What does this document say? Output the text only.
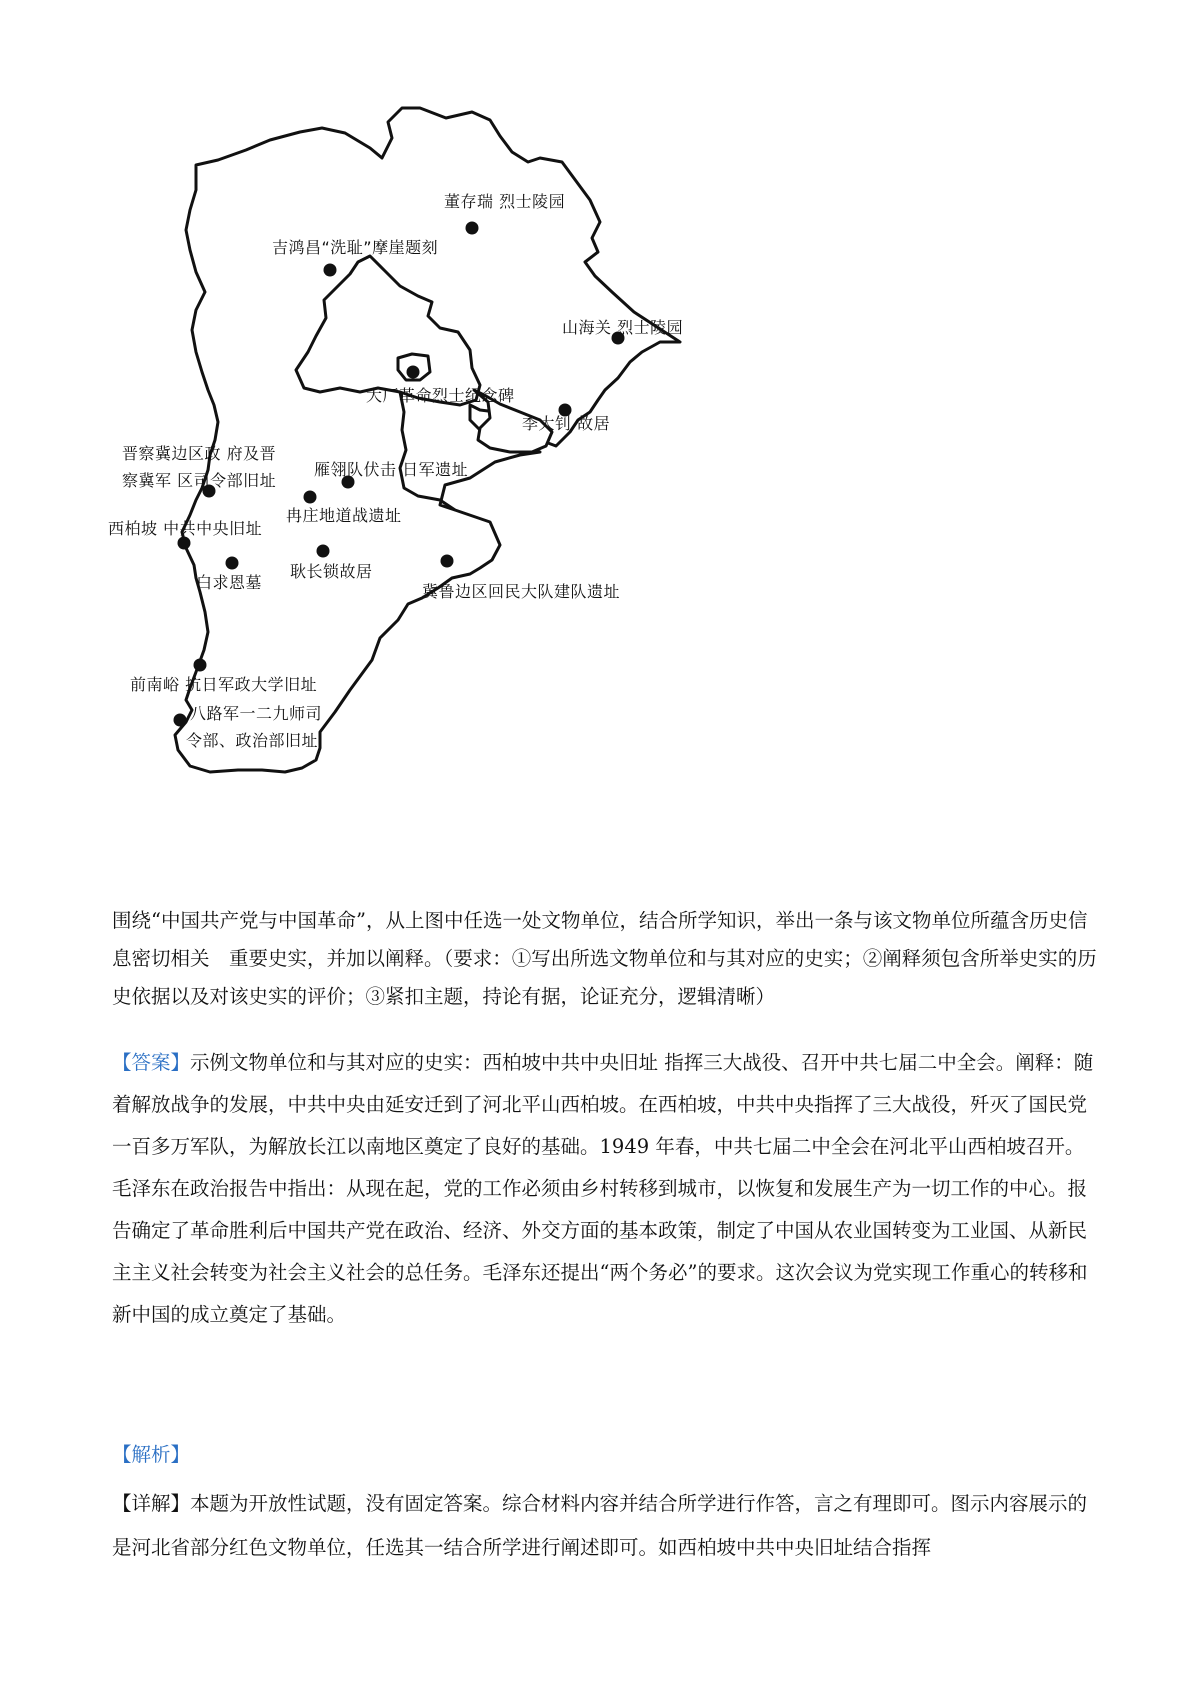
董存瑞 烈士陵园
吉鸿昌“洗耻”摩崖题刻
山海关 烈士陵园
大厂革命烈士纪念碑
李大钊 故居
晋察冀边区政 府及晋
察冀军 区司令部旧址
雁翎队伏击 日军遗址
冉庄地道战遗址
西柏坡 中共中央旧址
白求恩墓
耿长锁故居
冀鲁边区回民大队建队遗址
前南峪 抗日军政大学旧址
八路军一二九师司
令部、政治部旧址

围绕“中国共产党与中国革命”，从上图中任选一处文物单位，结合所学知识，举出一条与该文物单位所蕴含历史信息密切相关　重要史实，并加以阐释。（要求：①写出所选文物单位和与其对应的史实；②阐释须包含所举史实的历史依据以及对该史实的评价；③紧扣主题，持论有据，论证充分，逻辑清晰）

【答案】示例文物单位和与其对应的史实：西柏坡中共中央旧址 指挥三大战役、召开中共七届二中全会。阐释：随着解放战争的发展，中共中央由延安迁到了河北平山西柏坡。在西柏坡，中共中央指挥了三大战役，歼灭了国民党一百多万军队，为解放长江以南地区奠定了良好的基础。1949 年春，中共七届二中全会在河北平山西柏坡召开。毛泽东在政治报告中指出：从现在起，党的工作必须由乡村转移到城市，以恢复和发展生产为一切工作的中心。报告确定了革命胜利后中国共产党在政治、经济、外交方面的基本政策，制定了中国从农业国转变为工业国、从新民主主义社会转变为社会主义社会的总任务。毛泽东还提出“两个务必”的要求。这次会议为党实现工作重心的转移和新中国的成立奠定了基础。

【解析】

【详解】本题为开放性试题，没有固定答案。综合材料内容并结合所学进行作答，言之有理即可。图示内容展示的是河北省部分红色文物单位，任选其一结合所学进行阐述即可。如西柏坡中共中央旧址结合指挥
